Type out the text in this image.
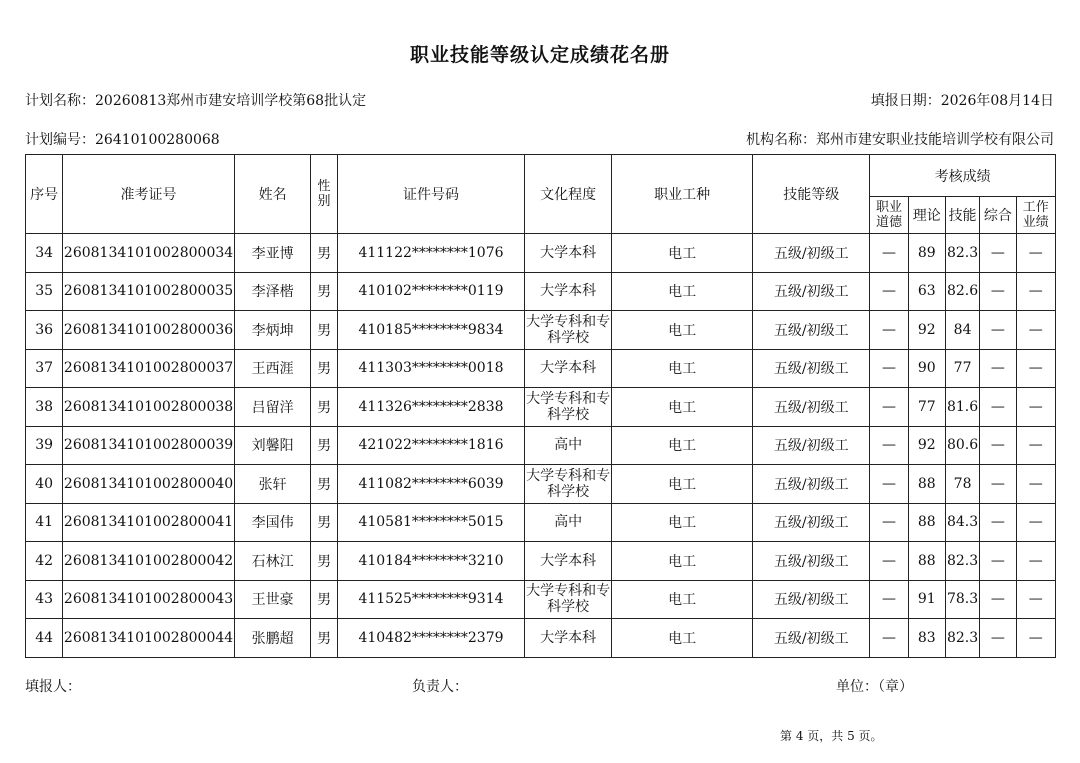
职业技能等级认定成绩花名册
计划名称：20260813郑州市建安培训学校第68批认定	填报日期：2026年08月14日
计划编号：26410100280068	机构名称：郑州市建安职业技能培训学校有限公司
序号	准考证号	姓名	性别	证件号码	文化程度	职业工种	技能等级	考核成绩				
								职业道德	理论	技能	综合	工作业绩
34	2608134101002800034	李亚博	男	411122********1076	大学本科	电工	五级/初级工	—	89	82.3	—	—
35	2608134101002800035	李泽楷	男	410102********0119	大学本科	电工	五级/初级工	—	63	82.6	—	—
36	2608134101002800036	李炳坤	男	410185********9834	大学专科和专科学校	电工	五级/初级工	—	92	84	—	—
37	2608134101002800037	王西涯	男	411303********0018	大学本科	电工	五级/初级工	—	90	77	—	—
38	2608134101002800038	吕留洋	男	411326********2838	大学专科和专科学校	电工	五级/初级工	—	77	81.6	—	—
39	2608134101002800039	刘馨阳	男	421022********1816	高中	电工	五级/初级工	—	92	80.6	—	—
40	2608134101002800040	张轩	男	411082********6039	大学专科和专科学校	电工	五级/初级工	—	88	78	—	—
41	2608134101002800041	李国伟	男	410581********5015	高中	电工	五级/初级工	—	88	84.3	—	—
42	2608134101002800042	石林江	男	410184********3210	大学本科	电工	五级/初级工	—	88	82.3	—	—
43	2608134101002800043	王世豪	男	411525********9314	大学专科和专科学校	电工	五级/初级工	—	91	78.3	—	—
44	2608134101002800044	张鹏超	男	410482********2379	大学本科	电工	五级/初级工	—	83	82.3	—	—
填报人：	负责人：	单位：（章）
第 4 页，共 5 页。
